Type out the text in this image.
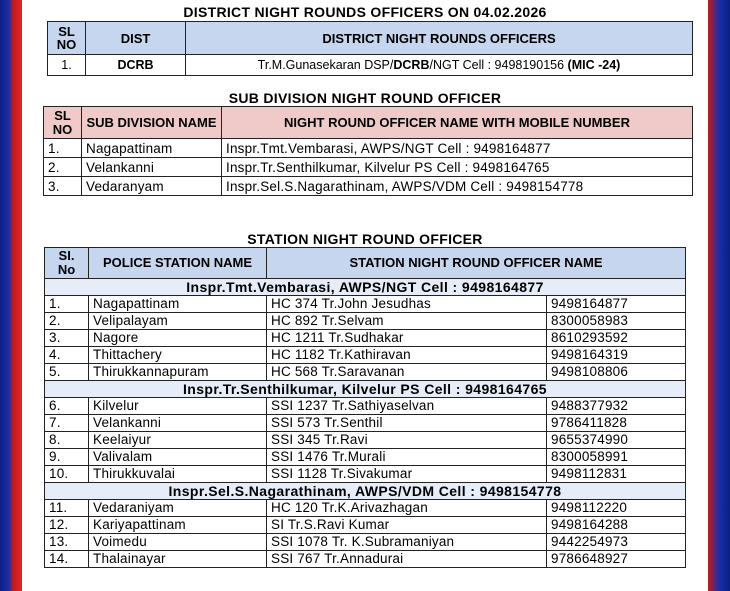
DISTRICT NIGHT ROUNDS OFFICERS ON 04.02.2026
SL NO	DIST	DISTRICT NIGHT ROUNDS OFFICERS
1.	DCRB	Tr.M.Gunasekaran DSP/DCRB/NGT Cell : 9498190156 (MIC -24)
SUB DIVISION NIGHT ROUND OFFICER
SL NO	SUB DIVISION NAME	NIGHT ROUND OFFICER NAME WITH MOBILE NUMBER
1.	Nagapattinam	Inspr.Tmt.Vembarasi, AWPS/NGT Cell : 9498164877
2.	Velankanni	Inspr.Tr.Senthilkumar, Kilvelur PS Cell : 9498164765
3.	Vedaranyam	Inspr.Sel.S.Nagarathinam, AWPS/VDM Cell : 9498154778
STATION NIGHT ROUND OFFICER
SI. No	POLICE STATION NAME	STATION NIGHT ROUND OFFICER NAME	
Inspr.Tmt.Vembarasi, AWPS/NGT Cell : 9498164877			
1.	Nagapattinam	HC 374 Tr.John Jesudhas	9498164877
2.	Velipalayam	HC 892 Tr.Selvam	8300058983
3.	Nagore	HC 1211 Tr.Sudhakar	8610293592
4.	Thittachery	HC 1182 Tr.Kathiravan	9498164319
5.	Thirukkannapuram	HC 568 Tr.Saravanan	9498108806
Inspr.Tr.Senthilkumar, Kilvelur PS Cell : 9498164765			
6.	Kilvelur	SSI 1237 Tr.Sathiyaselvan	9488377932
7.	Velankanni	SSI 573 Tr.Senthil	9786411828
8.	Keelaiyur	SSI 345 Tr.Ravi	9655374990
9.	Valivalam	SSI 1476 Tr.Murali	8300058991
10.	Thirukkuvalai	SSI 1128 Tr.Sivakumar	9498112831
Inspr.Sel.S.Nagarathinam, AWPS/VDM Cell : 9498154778			
11.	Vedaraniyam	HC 120 Tr.K.Arivazhagan	9498112220
12.	Kariyapattinam	SI Tr.S.Ravi Kumar	9498164288
13.	Voimedu	SSI 1078 Tr. K.Subramaniyan	9442254973
14.	Thalainayar	SSI 767 Tr.Annadurai	9786648927
